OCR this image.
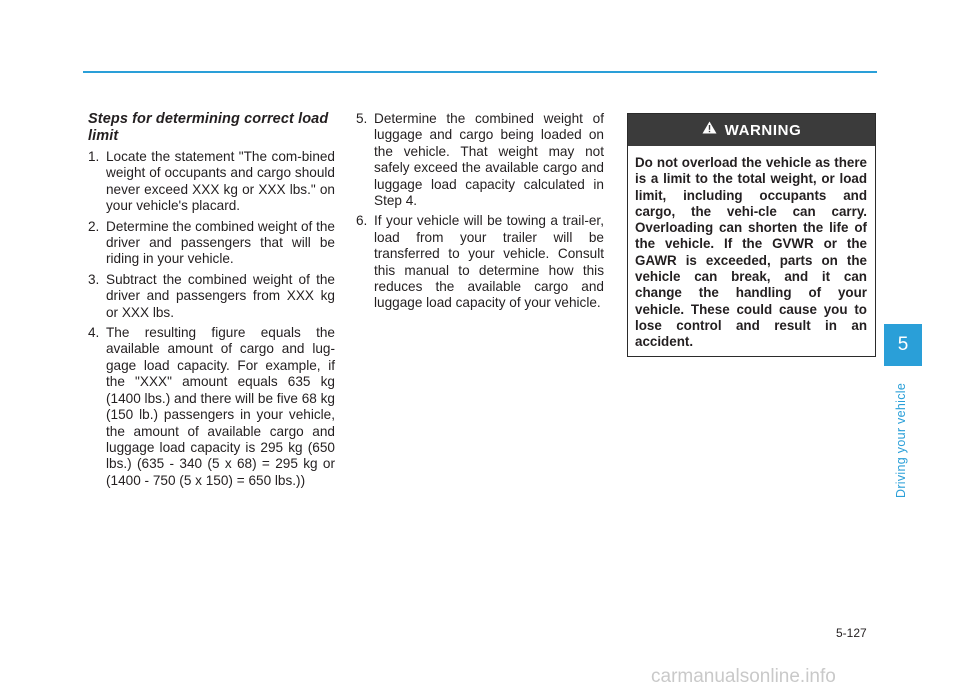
Steps for determining correct load limit

1. Locate the statement "The com-bined weight of occupants and cargo should never exceed XXX kg or XXX lbs." on your vehicle's placard.
2. Determine the combined weight of the driver and passengers that will be riding in your vehicle.
3. Subtract the combined weight of the driver and passengers from XXX kg or XXX lbs.
4. The resulting figure equals the available amount of cargo and lug-gage load capacity. For example, if the "XXX" amount equals 635 kg (1400 lbs.) and there will be five 68 kg (150 lb.) passengers in your vehicle, the amount of available cargo and luggage load capacity is 295 kg (650 lbs.) (635 - 340 (5 x 68) = 295 kg or (1400 - 750 (5 x 150) = 650 lbs.))
5. Determine the combined weight of luggage and cargo being loaded on the vehicle. That weight may not safely exceed the available cargo and luggage load capacity calculated in Step 4.
6. If your vehicle will be towing a trail-er, load from your trailer will be transferred to your vehicle. Consult this manual to determine how this reduces the available cargo and luggage load capacity of your vehicle.
WARNING
Do not overload the vehicle as there is a limit to the total weight, or load limit, including occupants and cargo, the vehi-cle can carry. Overloading can shorten the life of the vehicle. If the GVWR or the GAWR is exceeded, parts on the vehicle can break, and it can change the handling of your vehicle. These could cause you to lose control and result in an accident.	5
Driving your vehicle
5-127
carmanualsonline.info
